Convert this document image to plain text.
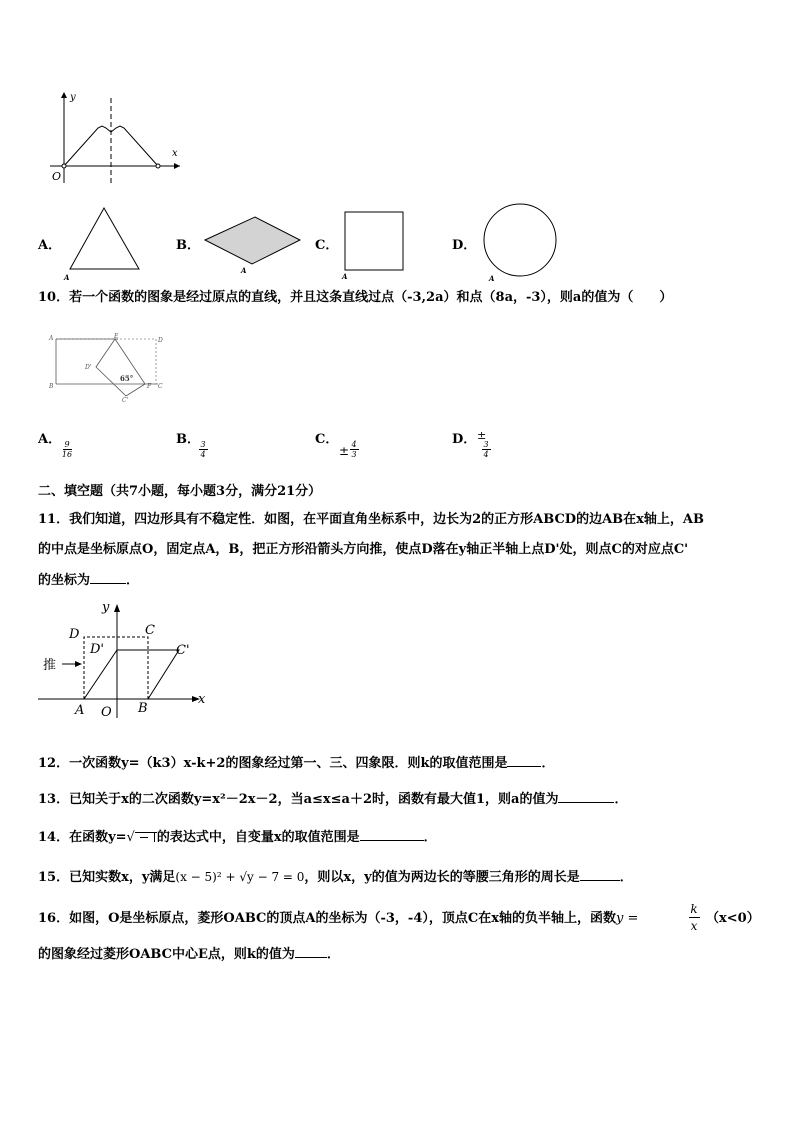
y
x
O
A．
A
B．
A
C．
A
D．
A
10．若一个函数的图象是经过原点的直线，并且这条直线过点（-3,2a）和点（8a，-3），则a的值为（　　）
A	E
D
B	C
D'
C'
F
65°
A． 9
16
B． 3
4
C．
± 4
3
D． ±
3
4
二、填空题（共7小题，每小题3分，满分21分）
11．我们知道，四边形具有不稳定性．如图，在平面直角坐标系中，边长为2的正方形ABCD的边AB在x轴上，AB
的中点是坐标原点O，固定点A，B，把正方形沿箭头方向推，使点D落在y轴正半轴上点D'处，则点C的对应点C'
的坐标为	．
y
x
D	C
D'	C'
A O B
推
12．一次函数y=（k3）x-k+2的图象经过第一、三、四象限．则k的取值范围是	．
13．已知关于x的二次函数y=x²－2x－2，当a≤x≤a＋2时，函数有最大值1，则a的值为	．
14．在函数y=√ 的表达式中，自变量x的取值范围是	．
15．已知实数x，y满足(x − 5)² + √y − 7 = 0，则以x，y的值为两边长的等腰三角形的周长是	．
16．如图，O是坐标原点，菱形OABC的顶点A的坐标为（-3，-4），顶点C在x轴的负半轴上，函数y =
k
x （x<0）
的图象经过菱形OABC中心E点，则k的值为 ．
